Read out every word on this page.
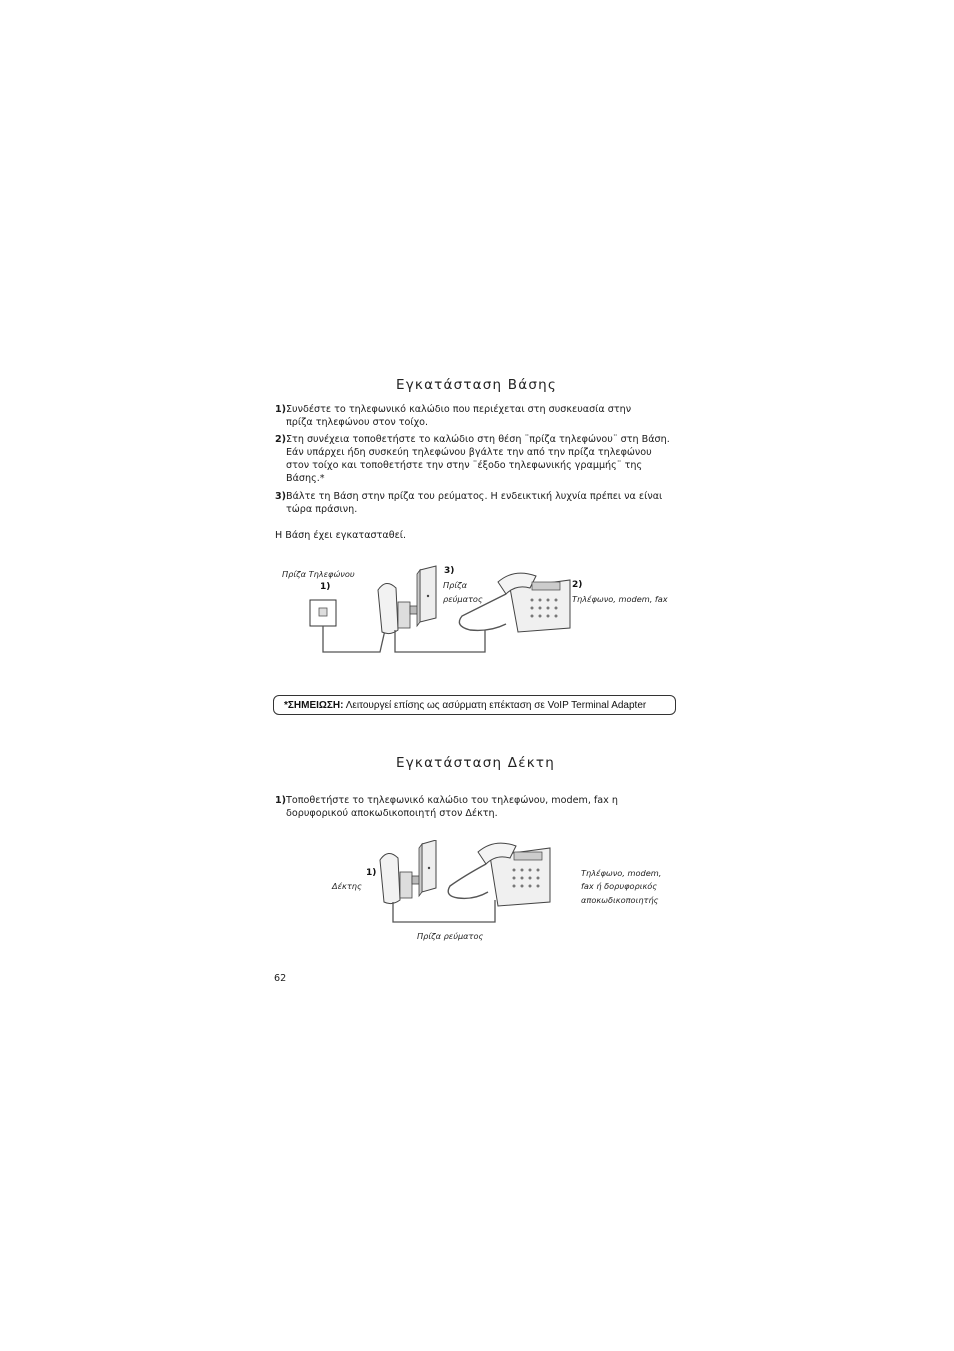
Εγκατάσταση Βάσης
1) Συνδέστε το τηλεφωνικό καλώδιο που περιέχεται στη συσκευασία στην
πρίζα τηλεφώνου στον τοίχο.
2) Στη συνέχεια τοποθετήστε το καλώδιο στη θέση ¨πρίζα τηλεφώνου¨ στη Βάση.
Εάν υπάρχει ήδη συσκεύη τηλεφώνου βγάλτε την από την πρίζα τηλεφώνου
στον τοίχο και τοποθετήστε την στην ¨έξοδο τηλεφωνικής γραμμής¨ της
Βάσης.*
3) Βάλτε τη Βάση στην πρίζα του ρεύματος. Η ενδεικτική λυχνία πρέπει να είναι
τώρα πράσινη.
Η Βάση έχει εγκατασταθεί.
Πρίζα Τηλεφώνου
1)
3)
Πρίζα
ρεύματος
2)
Τηλέφωνο, modem, fax
*ΣΗΜΕΙΩΣΗ: Λειτουργεί επίσης ως ασύρματη επέκταση σε VoIP Terminal Adapter
Εγκατάσταση Δέκτη
1) Τοποθετήστε το τηλεφωνικό καλώδιο του τηλεφώνου, modem, fax η
δορυφορικού αποκωδικοποιητή στον Δέκτη.
1)
Δέκτης
Τηλέφωνο, modem,
fax ή δορυφορικός
αποκωδικοποιητής
Πρίζα ρεύματος
62
